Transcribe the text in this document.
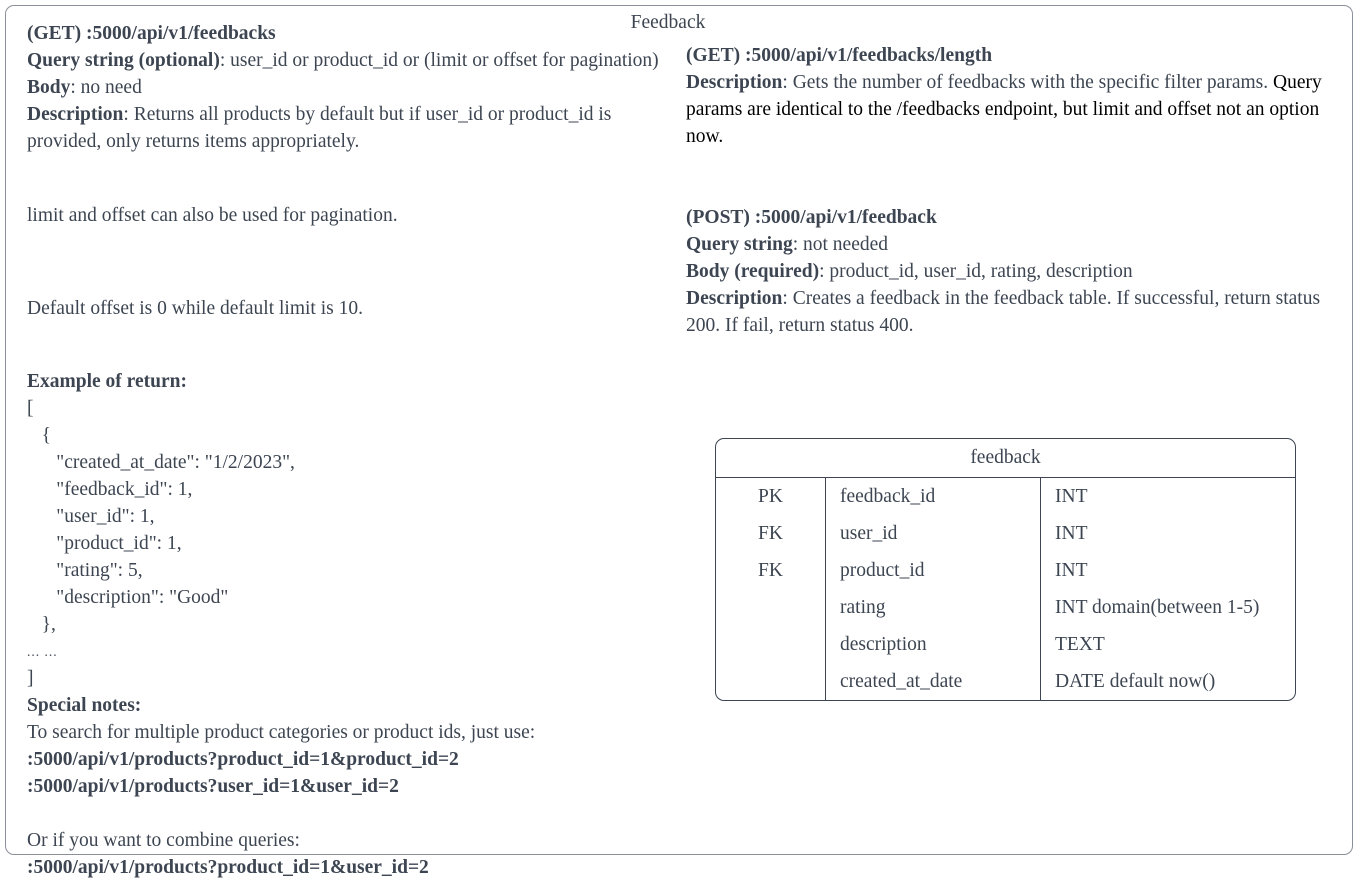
Feedback

(GET) :5000/api/v1/feedbacks

Query string (optional): user_id or product_id or (limit or offset for pagination)

Body: no need

Description: Returns all products by default but if user_id or product_id is provided, only returns items appropriately.

limit and offset can also be used for pagination.

Default offset is 0 while default limit is 10.

Example of return:

[

{

"created_at_date": "1/2/2023",

"feedback_id": 1,

"user_id": 1,

"product_id": 1,

"rating": 5,

"description": "Good"

},

... ...

]

Special notes:

To search for multiple product categories or product ids, just use:

:5000/api/v1/products?product_id=1&product_id=2

:5000/api/v1/products?user_id=1&user_id=2

Or if you want to combine queries:

:5000/api/v1/products?product_id=1&user_id=2

(GET) :5000/api/v1/feedbacks/length

Description: Gets the number of feedbacks with the specific filter params. Query params are identical to the /feedbacks endpoint, but limit and offset not an option now.

(POST) :5000/api/v1/feedback

Query string: not needed

Body (required): product_id, user_id, rating, description

Description: Creates a feedback in the feedback table. If successful, return status 200. If fail, return status 400.

feedback
PK	feedback_id	INT
FK	user_id	INT
FK	product_id	INT
	rating	INT domain(between 1-5)
	description	TEXT
	created_at_date	DATE default now()
